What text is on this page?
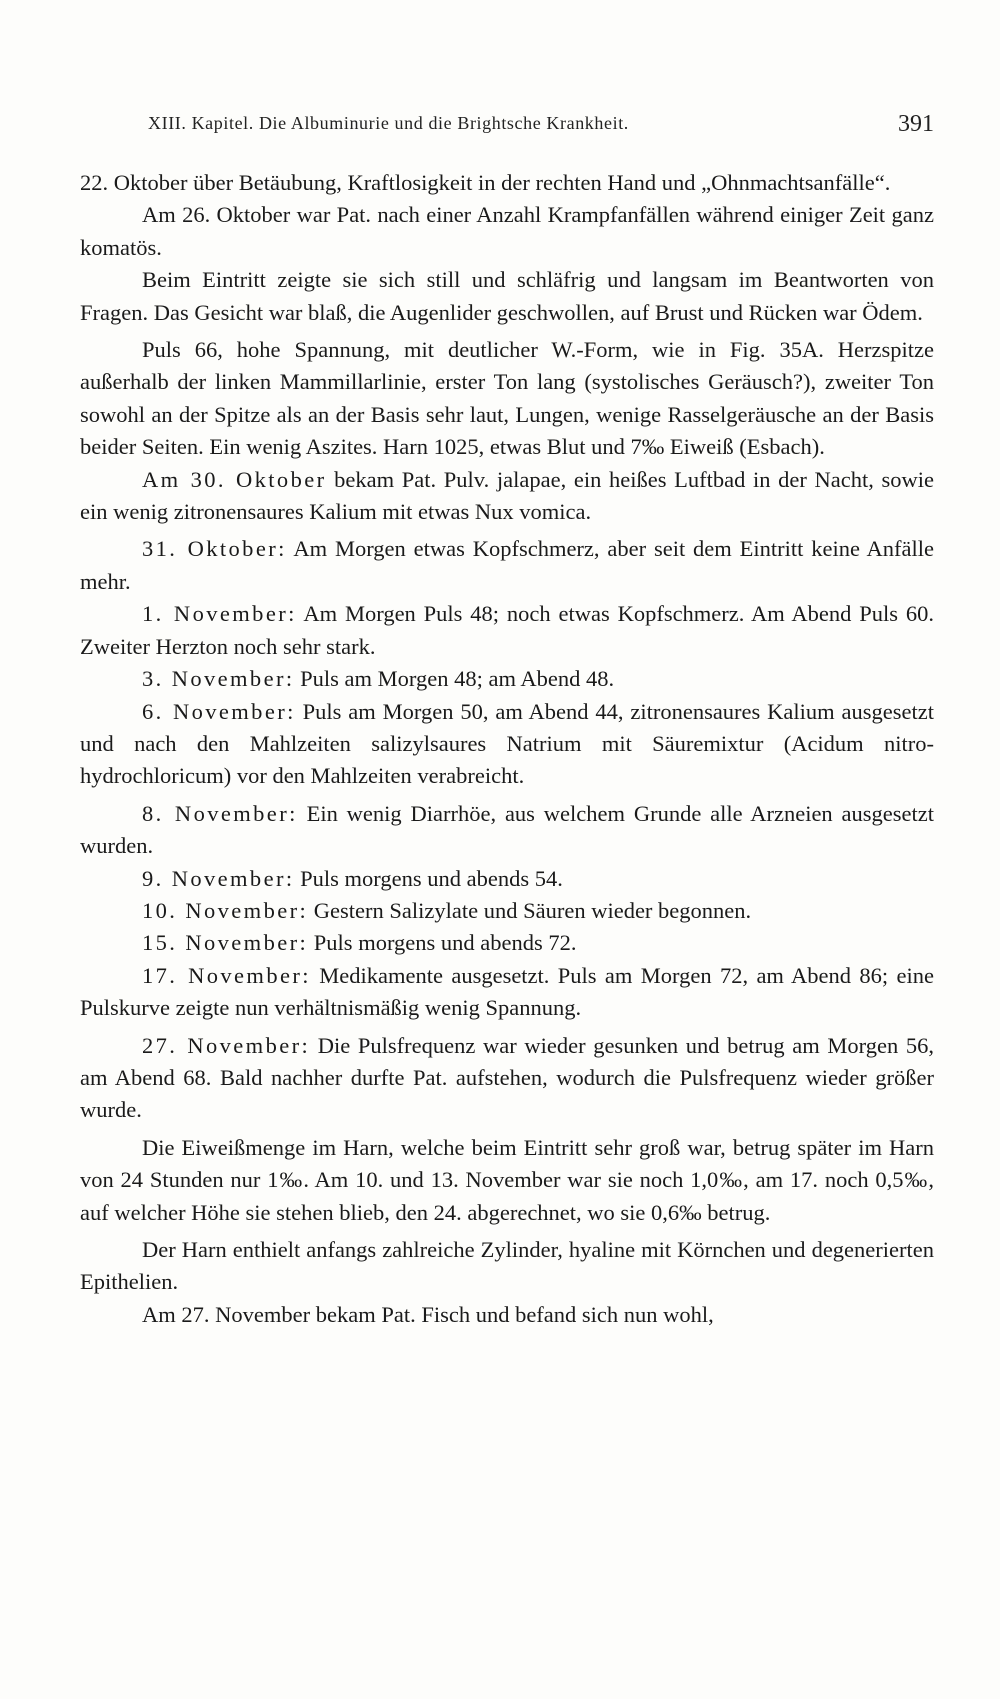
XIII. Kapitel. Die Albuminurie und die Brightsche Krankheit.	391

22. Oktober über Betäubung, Kraftlosigkeit in der rechten Hand und „Ohnmachtsanfälle“.

Am 26. Oktober war Pat. nach einer Anzahl Krampfanfällen während einiger Zeit ganz komatös.

Beim Eintritt zeigte sie sich still und schläfrig und langsam im Beantworten von Fragen. Das Gesicht war blaß, die Augenlider geschwollen, auf Brust und Rücken war Ödem.

Puls 66, hohe Spannung, mit deutlicher W.-Form, wie in Fig. 35A. Herzspitze außerhalb der linken Mammillarlinie, erster Ton lang (systolisches Geräusch?), zweiter Ton sowohl an der Spitze als an der Basis sehr laut, Lungen, wenige Rasselgeräusche an der Basis beider Seiten. Ein wenig Aszites. Harn 1025, etwas Blut und 7‰ Eiweiß (Esbach).

Am 30. Oktober bekam Pat. Pulv. jalapae, ein heißes Luftbad in der Nacht, sowie ein wenig zitronensaures Kalium mit etwas Nux vomica.

31. Oktober: Am Morgen etwas Kopfschmerz, aber seit dem Eintritt keine Anfälle mehr.

1. November: Am Morgen Puls 48; noch etwas Kopfschmerz. Am Abend Puls 60. Zweiter Herzton noch sehr stark.

3. November: Puls am Morgen 48; am Abend 48.

6. November: Puls am Morgen 50, am Abend 44, zitronensaures Kalium ausgesetzt und nach den Mahlzeiten salizylsaures Natrium mit Säuremixtur (Acidum nitro-hydrochloricum) vor den Mahlzeiten verabreicht.

8. November: Ein wenig Diarrhöe, aus welchem Grunde alle Arzneien ausgesetzt wurden.

9. November: Puls morgens und abends 54.

10. November: Gestern Salizylate und Säuren wieder begonnen.

15. November: Puls morgens und abends 72.

17. November: Medikamente ausgesetzt. Puls am Morgen 72, am Abend 86; eine Pulskurve zeigte nun verhältnismäßig wenig Spannung.

27. November: Die Pulsfrequenz war wieder gesunken und betrug am Morgen 56, am Abend 68. Bald nachher durfte Pat. aufstehen, wodurch die Pulsfrequenz wieder größer wurde.

Die Eiweißmenge im Harn, welche beim Eintritt sehr groß war, betrug später im Harn von 24 Stunden nur 1‰. Am 10. und 13. November war sie noch 1,0‰, am 17. noch 0,5‰, auf welcher Höhe sie stehen blieb, den 24. abgerechnet, wo sie 0,6‰ betrug.

Der Harn enthielt anfangs zahlreiche Zylinder, hyaline mit Körnchen und degenerierten Epithelien.

Am 27. November bekam Pat. Fisch und befand sich nun wohl,
